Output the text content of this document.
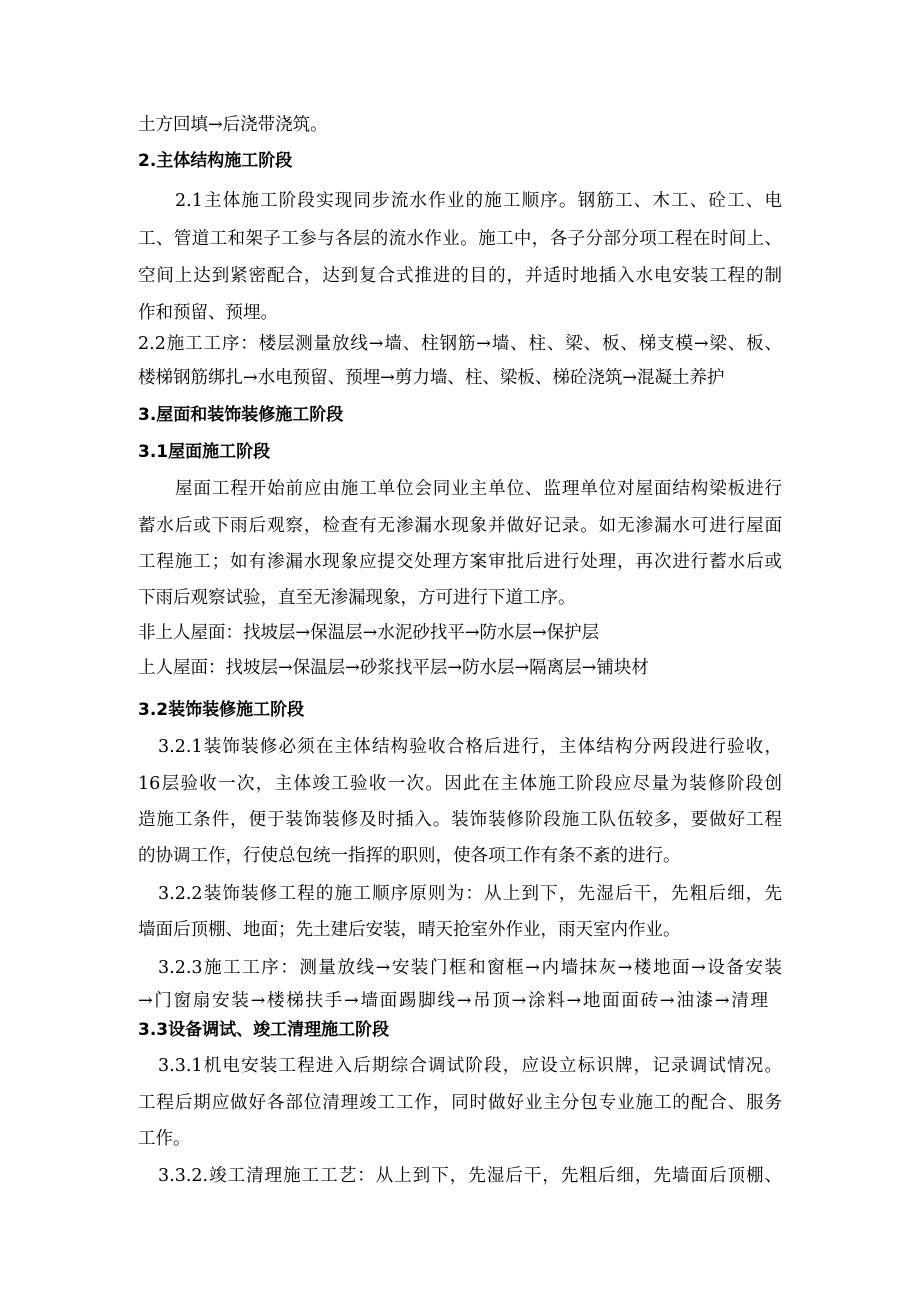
土方回填→后浇带浇筑。

2.主体结构施工阶段

2.1主体施工阶段实现同步流水作业的施工顺序。钢筋工、木工、砼工、电

工、管道工和架子工参与各层的流水作业。施工中，各子分部分项工程在时间上、

空间上达到紧密配合，达到复合式推进的目的，并适时地插入水电安装工程的制

作和预留、预埋。

2.2施工工序：楼层测量放线→墙、柱钢筋→墙、柱、梁、板、梯支模→梁、板、

楼梯钢筋绑扎→水电预留、预埋→剪力墙、柱、梁板、梯砼浇筑→混凝土养护

3.屋面和装饰装修施工阶段

3.1屋面施工阶段

屋面工程开始前应由施工单位会同业主单位、监理单位对屋面结构梁板进行

蓄水后或下雨后观察，检查有无渗漏水现象并做好记录。如无渗漏水可进行屋面

工程施工；如有渗漏水现象应提交处理方案审批后进行处理，再次进行蓄水后或

下雨后观察试验，直至无渗漏现象，方可进行下道工序。

非上人屋面：找坡层→保温层→水泥砂找平→防水层→保护层

上人屋面：找坡层→保温层→砂浆找平层→防水层→隔离层→铺块材

3.2装饰装修施工阶段

3.2.1装饰装修必须在主体结构验收合格后进行，主体结构分两段进行验收，

16层验收一次，主体竣工验收一次。因此在主体施工阶段应尽量为装修阶段创

造施工条件，便于装饰装修及时插入。装饰装修阶段施工队伍较多，要做好工程

的协调工作，行使总包统一指挥的职则，使各项工作有条不紊的进行。

3.2.2装饰装修工程的施工顺序原则为：从上到下，先湿后干，先粗后细，先

墙面后顶棚、地面；先土建后安装，晴天抢室外作业，雨天室内作业。

3.2.3施工工序：测量放线→安装门框和窗框→内墙抹灰→楼地面→设备安装

→门窗扇安装→楼梯扶手→墙面踢脚线→吊顶→涂料→地面面砖→油漆→清理

3.3设备调试、竣工清理施工阶段

3.3.1机电安装工程进入后期综合调试阶段，应设立标识牌，记录调试情况。

工程后期应做好各部位清理竣工工作，同时做好业主分包专业施工的配合、服务

工作。

3.3.2.竣工清理施工工艺：从上到下，先湿后干，先粗后细，先墙面后顶棚、
